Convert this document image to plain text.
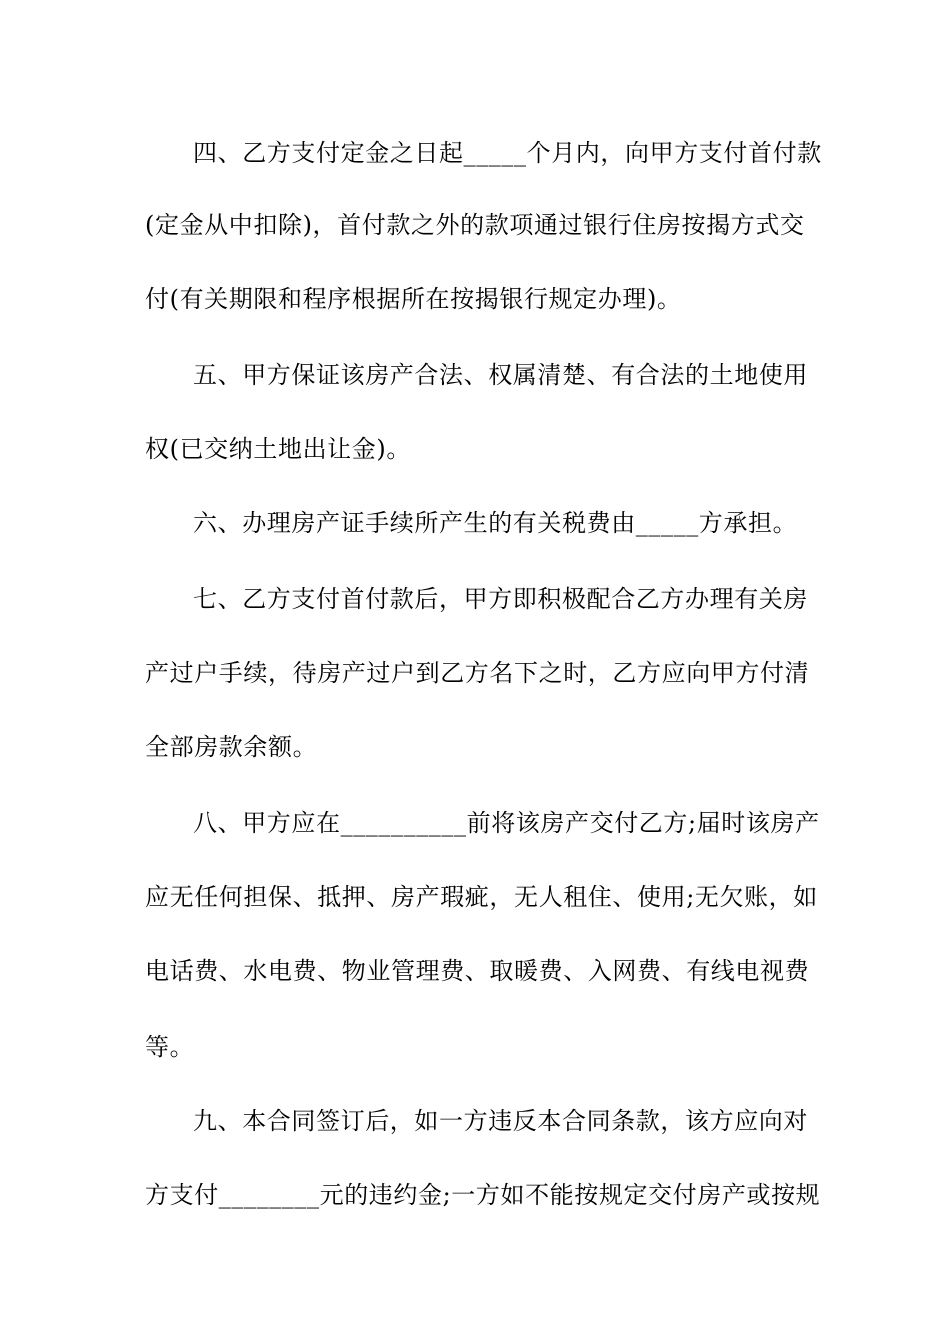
四、乙方支付定金之日起_____个月内，向甲方支付首付款
(定金从中扣除)，首付款之外的款项通过银行住房按揭方式交
付(有关期限和程序根据所在按揭银行规定办理)。
五、甲方保证该房产合法、权属清楚、有合法的土地使用
权(已交纳土地出让金)。
六、办理房产证手续所产生的有关税费由_____方承担。
七、乙方支付首付款后，甲方即积极配合乙方办理有关房
产过户手续，待房产过户到乙方名下之时，乙方应向甲方付清
全部房款余额。
八、甲方应在__________前将该房产交付乙方;届时该房产
应无任何担保、抵押、房产瑕疵，无人租住、使用;无欠账，如
电话费、水电费、物业管理费、取暖费、入网费、有线电视费
等。
九、本合同签订后，如一方违反本合同条款，该方应向对
方支付________元的违约金;一方如不能按规定交付房产或按规
